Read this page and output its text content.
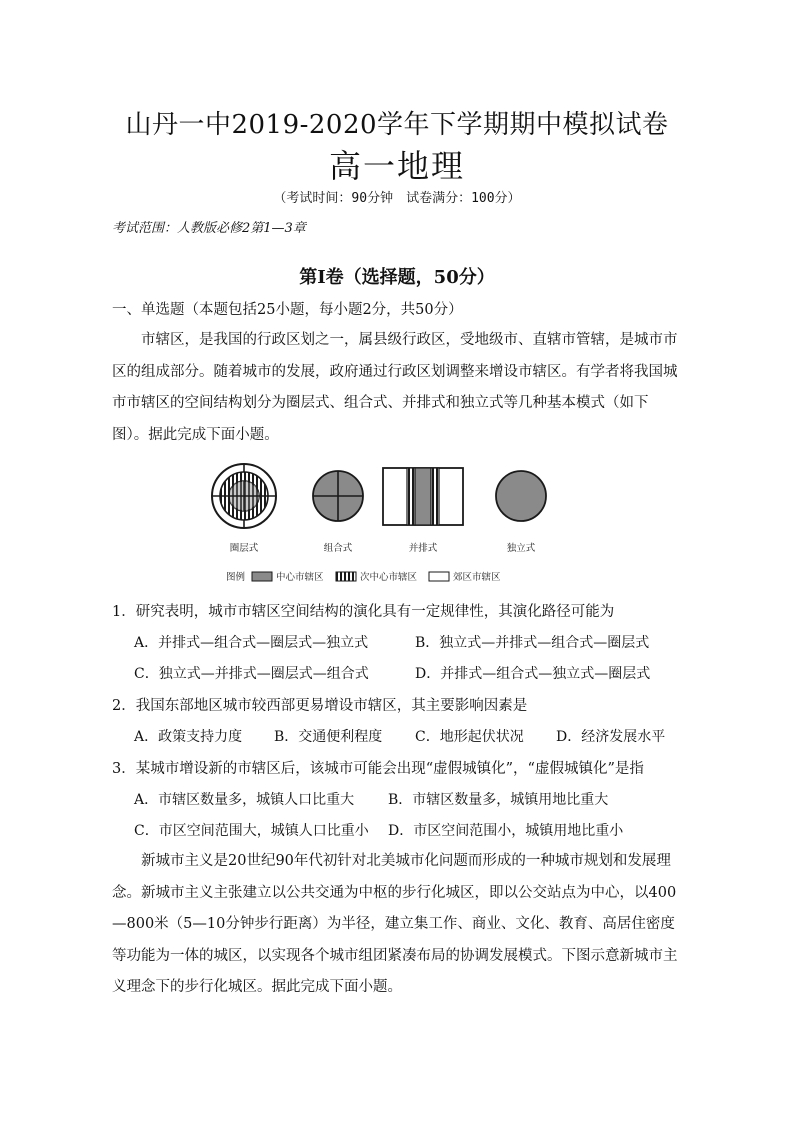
山丹一中2019-2020学年下学期期中模拟试卷
高一地理
（考试时间：90分钟　试卷满分：100分）
考试范围：人教版必修2第1—3章
第Ⅰ卷（选择题，50分）
一、单选题（本题包括25小题，每小题2分，共50分）
市辖区，是我国的行政区划之一，属县级行政区，受地级市、直辖市管辖，是城市市区的组成部分。随着城市的发展，政府通过行政区划调整来增设市辖区。有学者将我国城市市辖区的空间结构划分为圈层式、组合式、并排式和独立式等几种基本模式（如下图）。据此完成下面小题。
圈层式	组合式	并排式	独立式
图例	中心市辖区	次中心市辖区	郊区市辖区
1．研究表明，城市市辖区空间结构的演化具有一定规律性，其演化路径可能为
A．并排式—组合式—圈层式—独立式	B．独立式—并排式—组合式—圈层式
C．独立式—并排式—圈层式—组合式	D．并排式—组合式—独立式—圈层式
2．我国东部地区城市较西部更易增设市辖区，其主要影响因素是
A．政策支持力度 B．交通便利程度 C．地形起伏状况 D．经济发展水平
3．某城市增设新的市辖区后，该城市可能会出现“虚假城镇化”，“虚假城镇化”是指
A．市辖区数量多，城镇人口比重大 B．市辖区数量多，城镇用地比重大
C．市区空间范围大，城镇人口比重小 D．市区空间范围小，城镇用地比重小
新城市主义是20世纪90年代初针对北美城市化问题而形成的一种城市规划和发展理念。新城市主义主张建立以公共交通为中枢的步行化城区，即以公交站点为中心，以400—800米（5—10分钟步行距离）为半径，建立集工作、商业、文化、教育、高居住密度等功能为一体的城区，以实现各个城市组团紧凑布局的协调发展模式。下图示意新城市主义理念下的步行化城区。据此完成下面小题。
